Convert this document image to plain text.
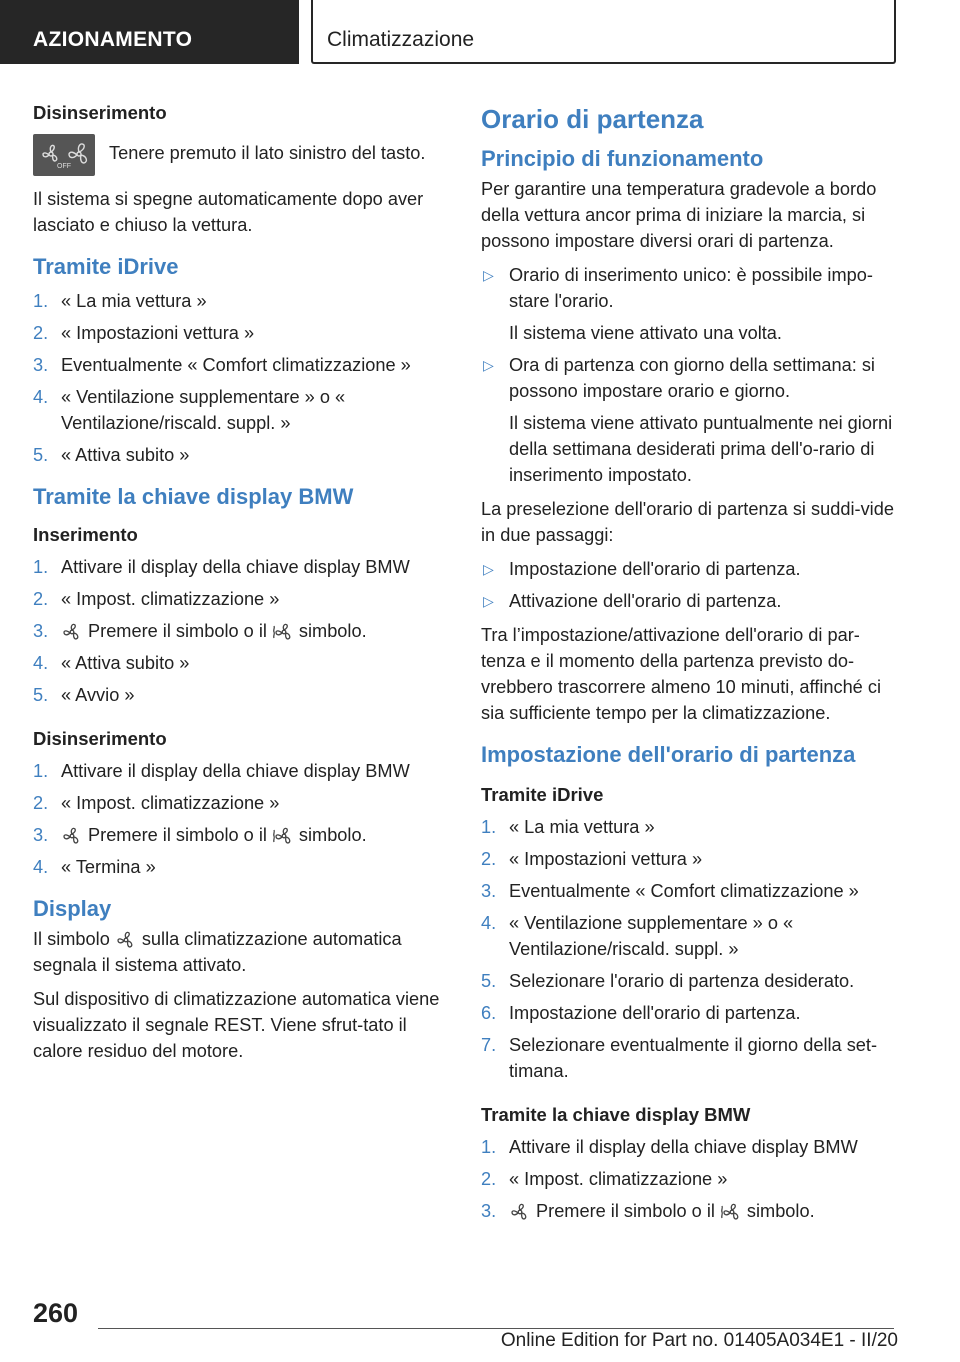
AZIONAMENTO	Climatizzazione
Disinserimento
OFF
Tenere premuto il lato sinistro del tasto.
Il sistema si spegne automaticamente dopo aver lasciato e chiuso la vettura.
Tramite iDrive
1. « La mia vettura »
2. « Impostazioni vettura »
3. Eventualmente « Comfort climatizzazione »
4. « Ventilazione supplementare » o « Ventilazione/riscald. suppl. »
5. « Attiva subito »
Tramite la chiave display BMW
Inserimento
1. Attivare il display della chiave display BMW
2. « Impost. climatizzazione »
3. Premere il simbolo o il simbolo.
4. « Attiva subito »
5. « Avvio »
Disinserimento
1. Attivare il display della chiave display BMW
2. « Impost. climatizzazione »
3. Premere il simbolo o il simbolo.
4. « Termina »
Display
Il simbolo sulla climatizzazione automatica segnala il sistema attivato.
Sul dispositivo di climatizzazione automatica viene visualizzato il segnale REST. Viene sfrut-tato il calore residuo del motore.
Orario di partenza
Principio di funzionamento
Per garantire una temperatura gradevole a bordo della vettura ancor prima di iniziare la marcia, si possono impostare diversi orari di partenza.
▷ Orario di inserimento unico: è possibile impo-stare l'orario.
Il sistema viene attivato una volta.
▷ Ora di partenza con giorno della settimana: si possono impostare orario e giorno.
Il sistema viene attivato puntualmente nei giorni della settimana desiderati prima dell'o-rario di inserimento impostato.
La preselezione dell'orario di partenza si suddi-vide in due passaggi:
▷ Impostazione dell'orario di partenza.
▷ Attivazione dell'orario di partenza.
Tra l’impostazione/attivazione dell'orario di par-tenza e il momento della partenza previsto do-vrebbero trascorrere almeno 10 minuti, affinché ci sia sufficiente tempo per la climatizzazione.
Impostazione dell'orario di partenza
Tramite iDrive
1. « La mia vettura »
2. « Impostazioni vettura »
3. Eventualmente « Comfort climatizzazione »
4. « Ventilazione supplementare » o « Ventilazione/riscald. suppl. »
5. Selezionare l'orario di partenza desiderato.
6. Impostazione dell'orario di partenza.
7. Selezionare eventualmente il giorno della set-timana.
Tramite la chiave display BMW
1. Attivare il display della chiave display BMW
2. « Impost. climatizzazione »
3. Premere il simbolo o il simbolo.
260
Online Edition for Part no. 01405A034E1 - II/20
